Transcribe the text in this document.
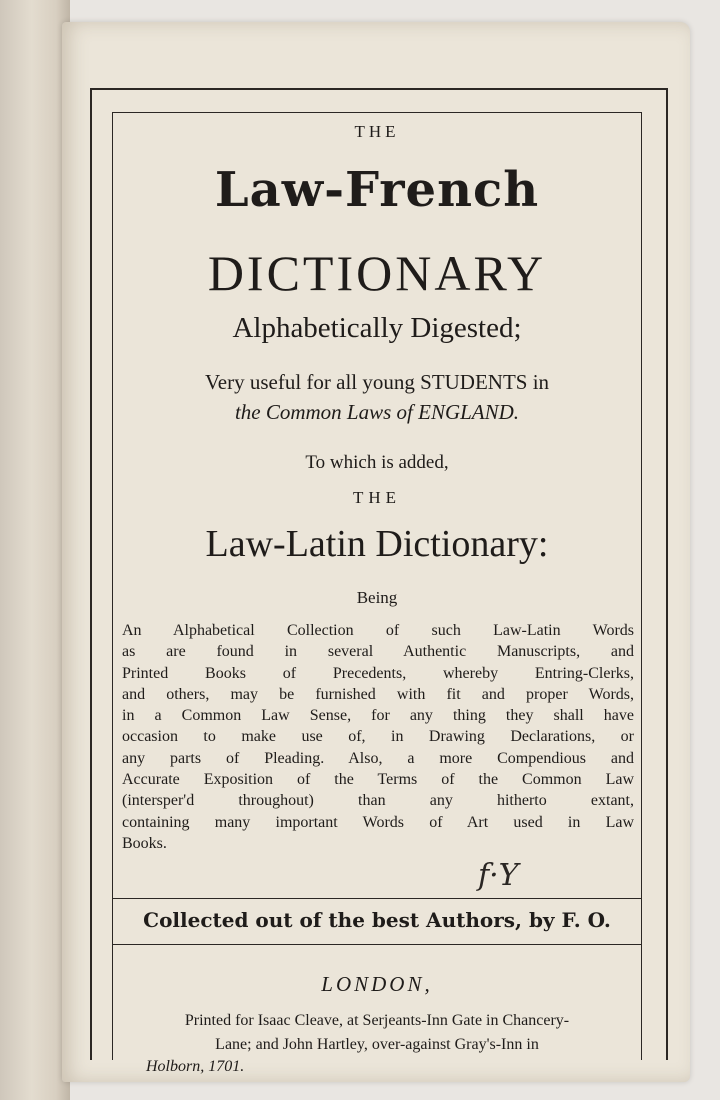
THE
Law-French
DICTIONARY
Alphabetically Digested;
Very useful for all young STUDENTS in
the Common Laws of ENGLAND.
To which is added,
THE
Law-Latin Dictionary:
Being
An Alphabetical Collection of such Law-Latin Words
as are found in several Authentic Manuscripts, and
Printed Books of Precedents, whereby Entring-Clerks,
and others, may be furnished with fit and proper Words,
in a Common Law Sense, for any thing they shall have
occasion to make use of, in Drawing Declarations, or
any parts of Pleading. Also, a more Compendious and
Accurate Exposition of the Terms of the Common Law
(intersper'd throughout) than any hitherto extant,
containing many important Words of Art used in Law
Books.
f·Y
Collected out of the best Authors, by F. O.
LONDON,
Printed for Isaac Cleave, at Serjeants-Inn Gate in Chancery-
Lane; and John Hartley, over-against Gray's-Inn in
Holborn, 1701.
